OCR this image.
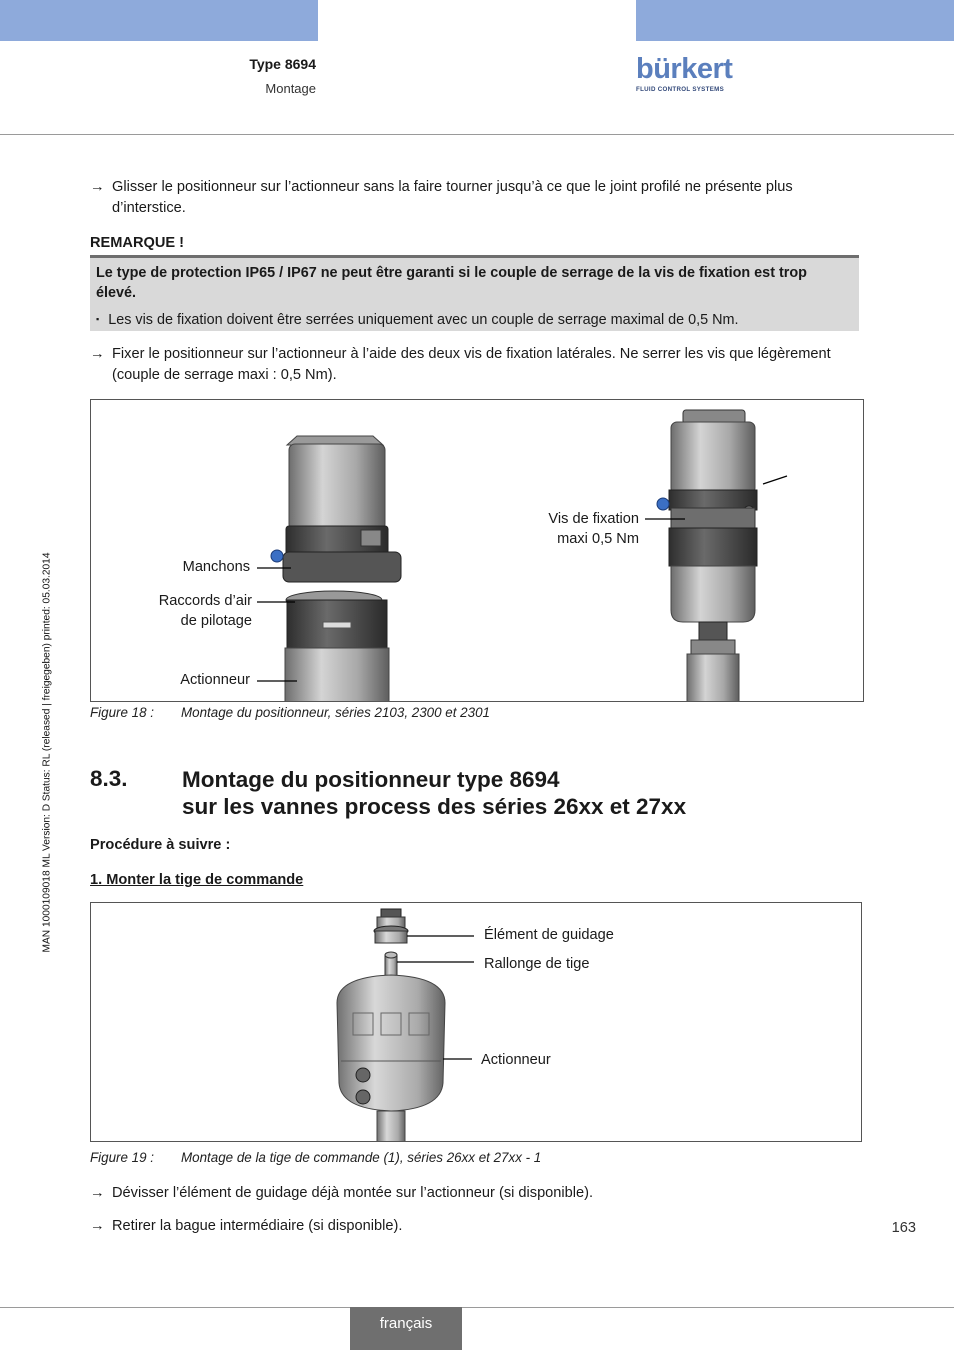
Type 8694
Montage
bürkert
FLUID CONTROL SYSTEMS
MAN 1000109018 ML Version: D Status: RL (released | freigegeben) printed: 05.03.2014
→ Glisser le positionneur sur l’actionneur sans la faire tourner jusqu’à ce que le joint profilé ne présente plus d’interstice.
REMARQUE !
Le type de protection IP65 / IP67 ne peut être garanti si le couple de serrage de la vis de fixation est trop élevé.
▪ Les vis de fixation doivent être serrées uniquement avec un couple de serrage maximal de 0,5 Nm.
→ Fixer le positionneur sur l’actionneur à l’aide des deux vis de fixation latérales. Ne serrer les vis que légèrement (couple de serrage maxi : 0,5 Nm).
Manchons
Raccords d’air
de pilotage
Actionneur
Vis de fixation
maxi 0,5 Nm
Figure 18 : Montage du positionneur, séries 2103, 2300 et 2301
8.3. Montage du positionneur type 8694
sur les vannes process des séries 26xx et 27xx
Procédure à suivre :
1. Monter la tige de commande
Élément de guidage
Rallonge de tige
Actionneur
Figure 19 : Montage de la tige de commande (1), séries 26xx et 27xx - 1
→ Dévisser l’élément de guidage déjà montée sur l’actionneur (si disponible).
→ Retirer la bague intermédiaire (si disponible).	163
français
